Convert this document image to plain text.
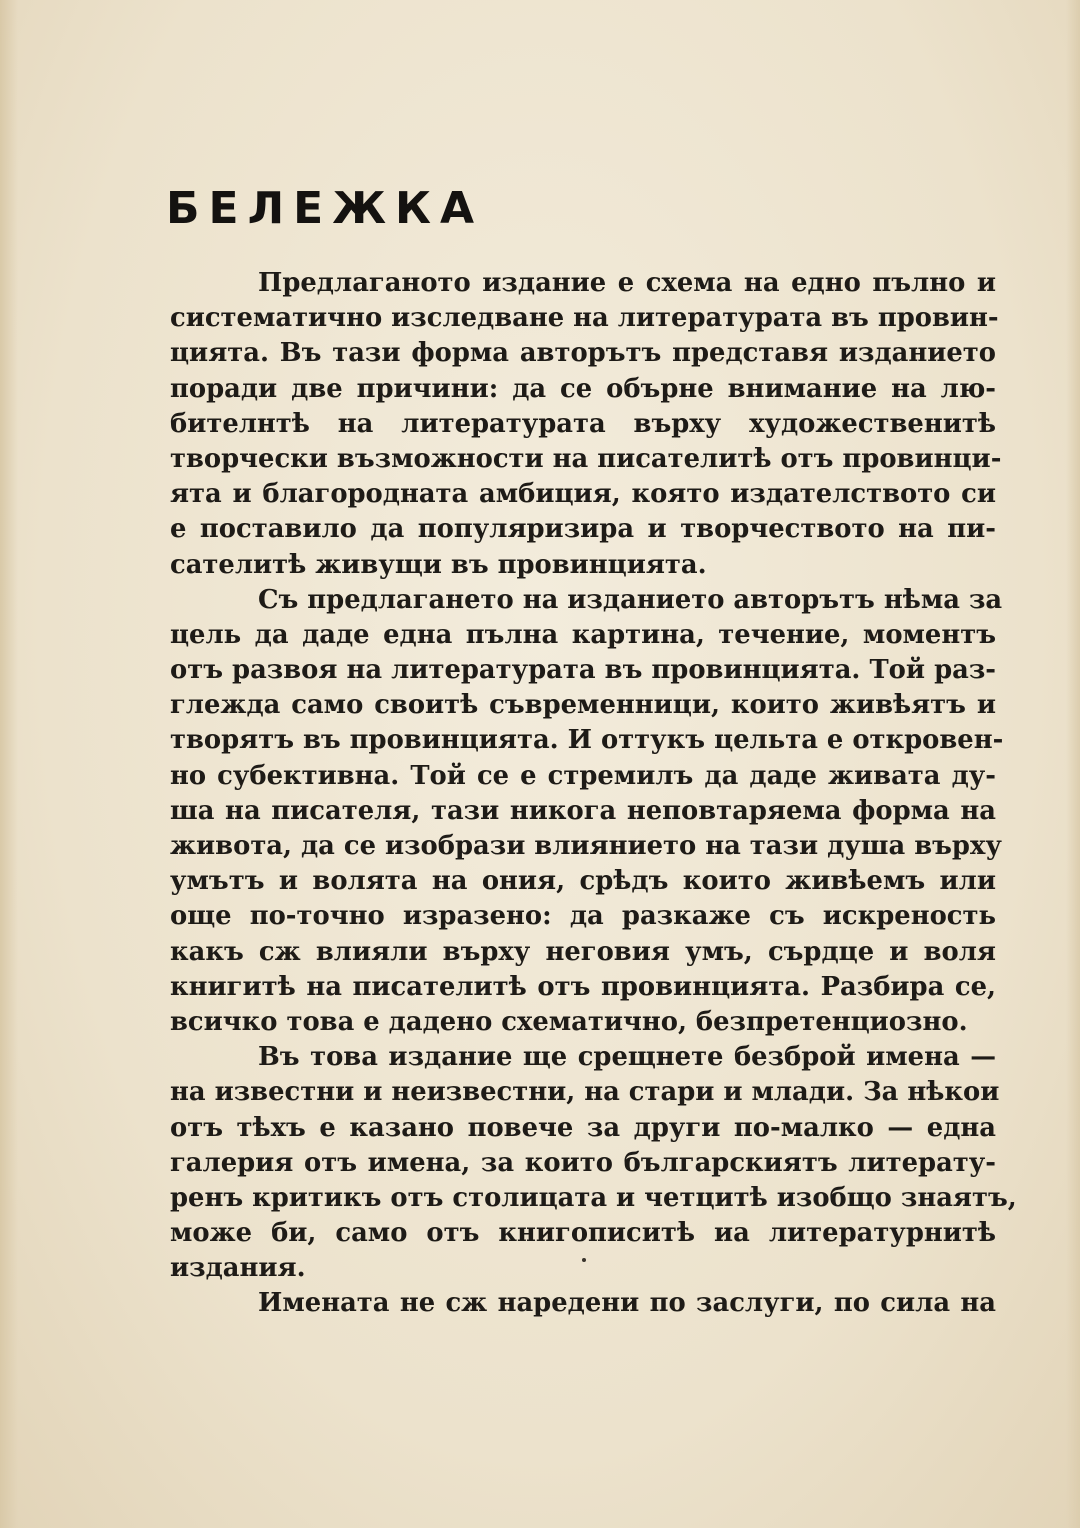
БЕЛЕЖКА
Предлаганото издание е схема на едно пълно и
систематично изследване на литературата въ провин-
цията. Въ тази форма авторътъ представя изданието
поради две причини: да се обърне внимание на лю-
бителнтѣ на литературата върху художественитѣ
творчески възможности на писателитѣ отъ провинци-
ята и благородната амбиция, която издателството си
е поставило да популяризира и творчеството на пи-
сателитѣ живущи въ провинцията.
Съ предлагането на изданието авторътъ нѣма за
цель да даде една пълна картина, течение, моментъ
отъ развоя на литературата въ провинцията. Той раз-
глежда само своитѣ съвременници, които живѣятъ и
творятъ въ провинцията. И оттукъ цельта е откровен-
но субективна. Той се е стремилъ да даде живата ду-
ша на писателя, тази никога неповтаряема форма на
живота, да се изобрази влиянието на тази душа върху
умътъ и волята на ония, срѣдъ които живѣемъ или
още по-точно изразено: да разкаже съ искреность
какъ сж влияли върху неговия умъ, сърдце и воля
книгитѣ на писателитѣ отъ провинцията. Разбира се,
всичко това е дадено схематично, безпретенциозно.
Въ това издание ще срещнете безброй имена —
на известни и неизвестни, на стари и млади. За нѣкои
отъ тѣхъ е казано повече за други по-малко — една
галерия отъ имена, за които българскиятъ литерату-
ренъ критикъ отъ столицата и четцитѣ изобщо знаятъ,
може би, само отъ книгописитѣ иа литературнитѣ
издания.
Имената не сж наредени по заслуги, по сила на
